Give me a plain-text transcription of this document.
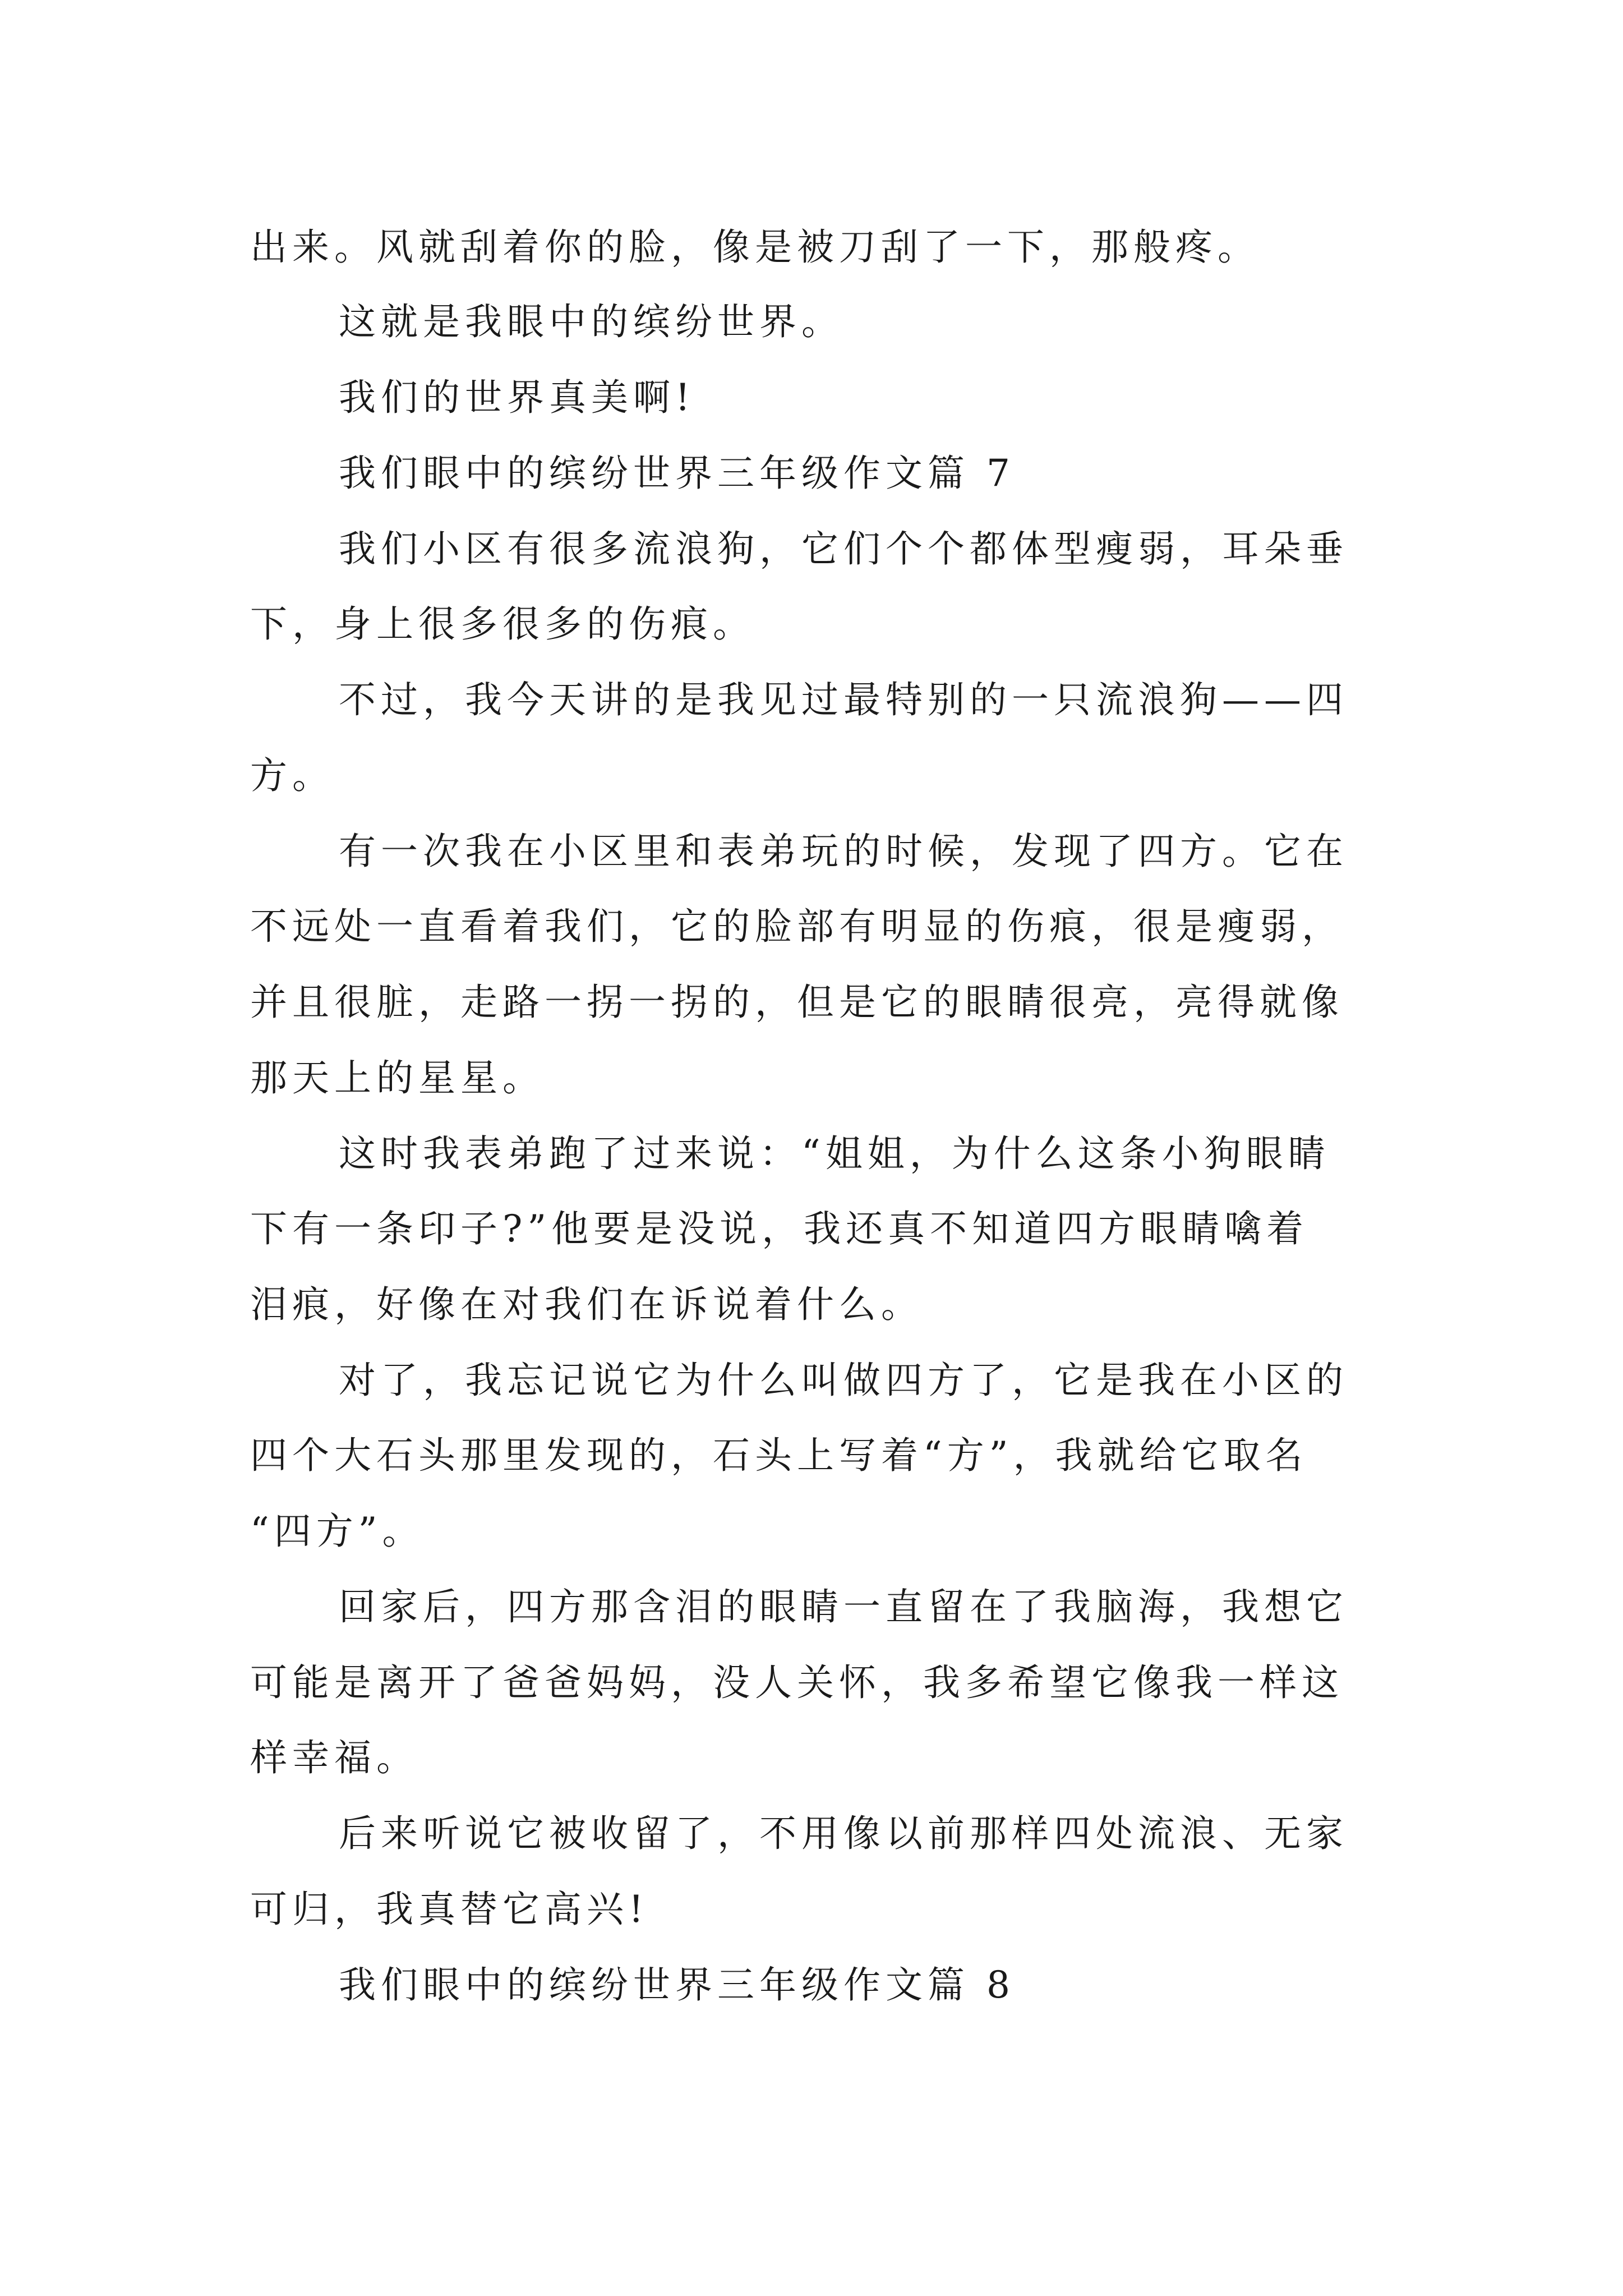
出来。风就刮着你的脸，像是被刀刮了一下，那般疼。
这就是我眼中的缤纷世界。
我们的世界真美啊!
我们眼中的缤纷世界三年级作文篇 7
我们小区有很多流浪狗，它们个个都体型瘦弱，耳朵垂
下，身上很多很多的伤痕。
不过，我今天讲的是我见过最特别的一只流浪狗——四
方。
有一次我在小区里和表弟玩的时候，发现了四方。它在
不远处一直看着我们，它的脸部有明显的伤痕，很是瘦弱，
并且很脏，走路一拐一拐的，但是它的眼睛很亮，亮得就像
那天上的星星。
这时我表弟跑了过来说：“姐姐，为什么这条小狗眼睛
下有一条印子?”他要是没说，我还真不知道四方眼睛噙着
泪痕，好像在对我们在诉说着什么。
对了，我忘记说它为什么叫做四方了，它是我在小区的
四个大石头那里发现的，石头上写着“方”，我就给它取名
“四方”。
回家后，四方那含泪的眼睛一直留在了我脑海，我想它
可能是离开了爸爸妈妈，没人关怀，我多希望它像我一样这
样幸福。
后来听说它被收留了，不用像以前那样四处流浪、无家
可归，我真替它高兴!
我们眼中的缤纷世界三年级作文篇 8
